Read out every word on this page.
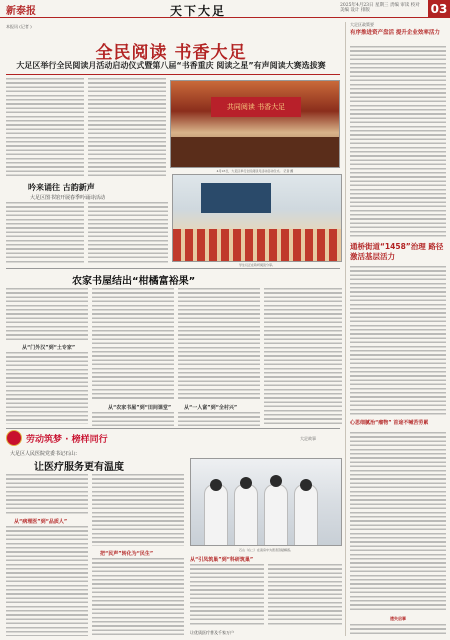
新泰报	天下大足	2025年4月23日 星期三 责编 审读 校对 美编 设计 排版	03
本报讯 (记者 )
全民阅读 书香大足
大足区举行全民阅读月活动启动仪式暨第八届“书香重庆 阅读之星”有声阅读大赛选拔赛
共同阅读 书香大足
4月23日，大足区举行全民阅读月活动启动仪式。 记者 摄
吟来诵往 古韵新声
大足区图书馆开展春季吟诵诗活动
学生们正在聆听阅读分享。
农家书屋结出“柑橘富裕果”
从“门外汉”到“土专家”
从“农家书屋”到“田间课堂”	从“一人富”到“全村兴”
劳动筑梦 · 榜样同行	大足故事
大足区人民医院党委书记石山：
让医疗服务更有温度
从“病理医”到“品质人”
把“民声”转化为“民生”
石山（右二）在查房中为患者答疑解惑。
从“引凤筑巢”到“科研筑巢”
让优质医疗普及千家万户
大足区政策要
有序推进资产盘活 提升企业效率活力
通桥街道“1458”治理 路径激活基层活力
心思细腻治“瘤物” 首途不喊苦劳累
遗失启事
